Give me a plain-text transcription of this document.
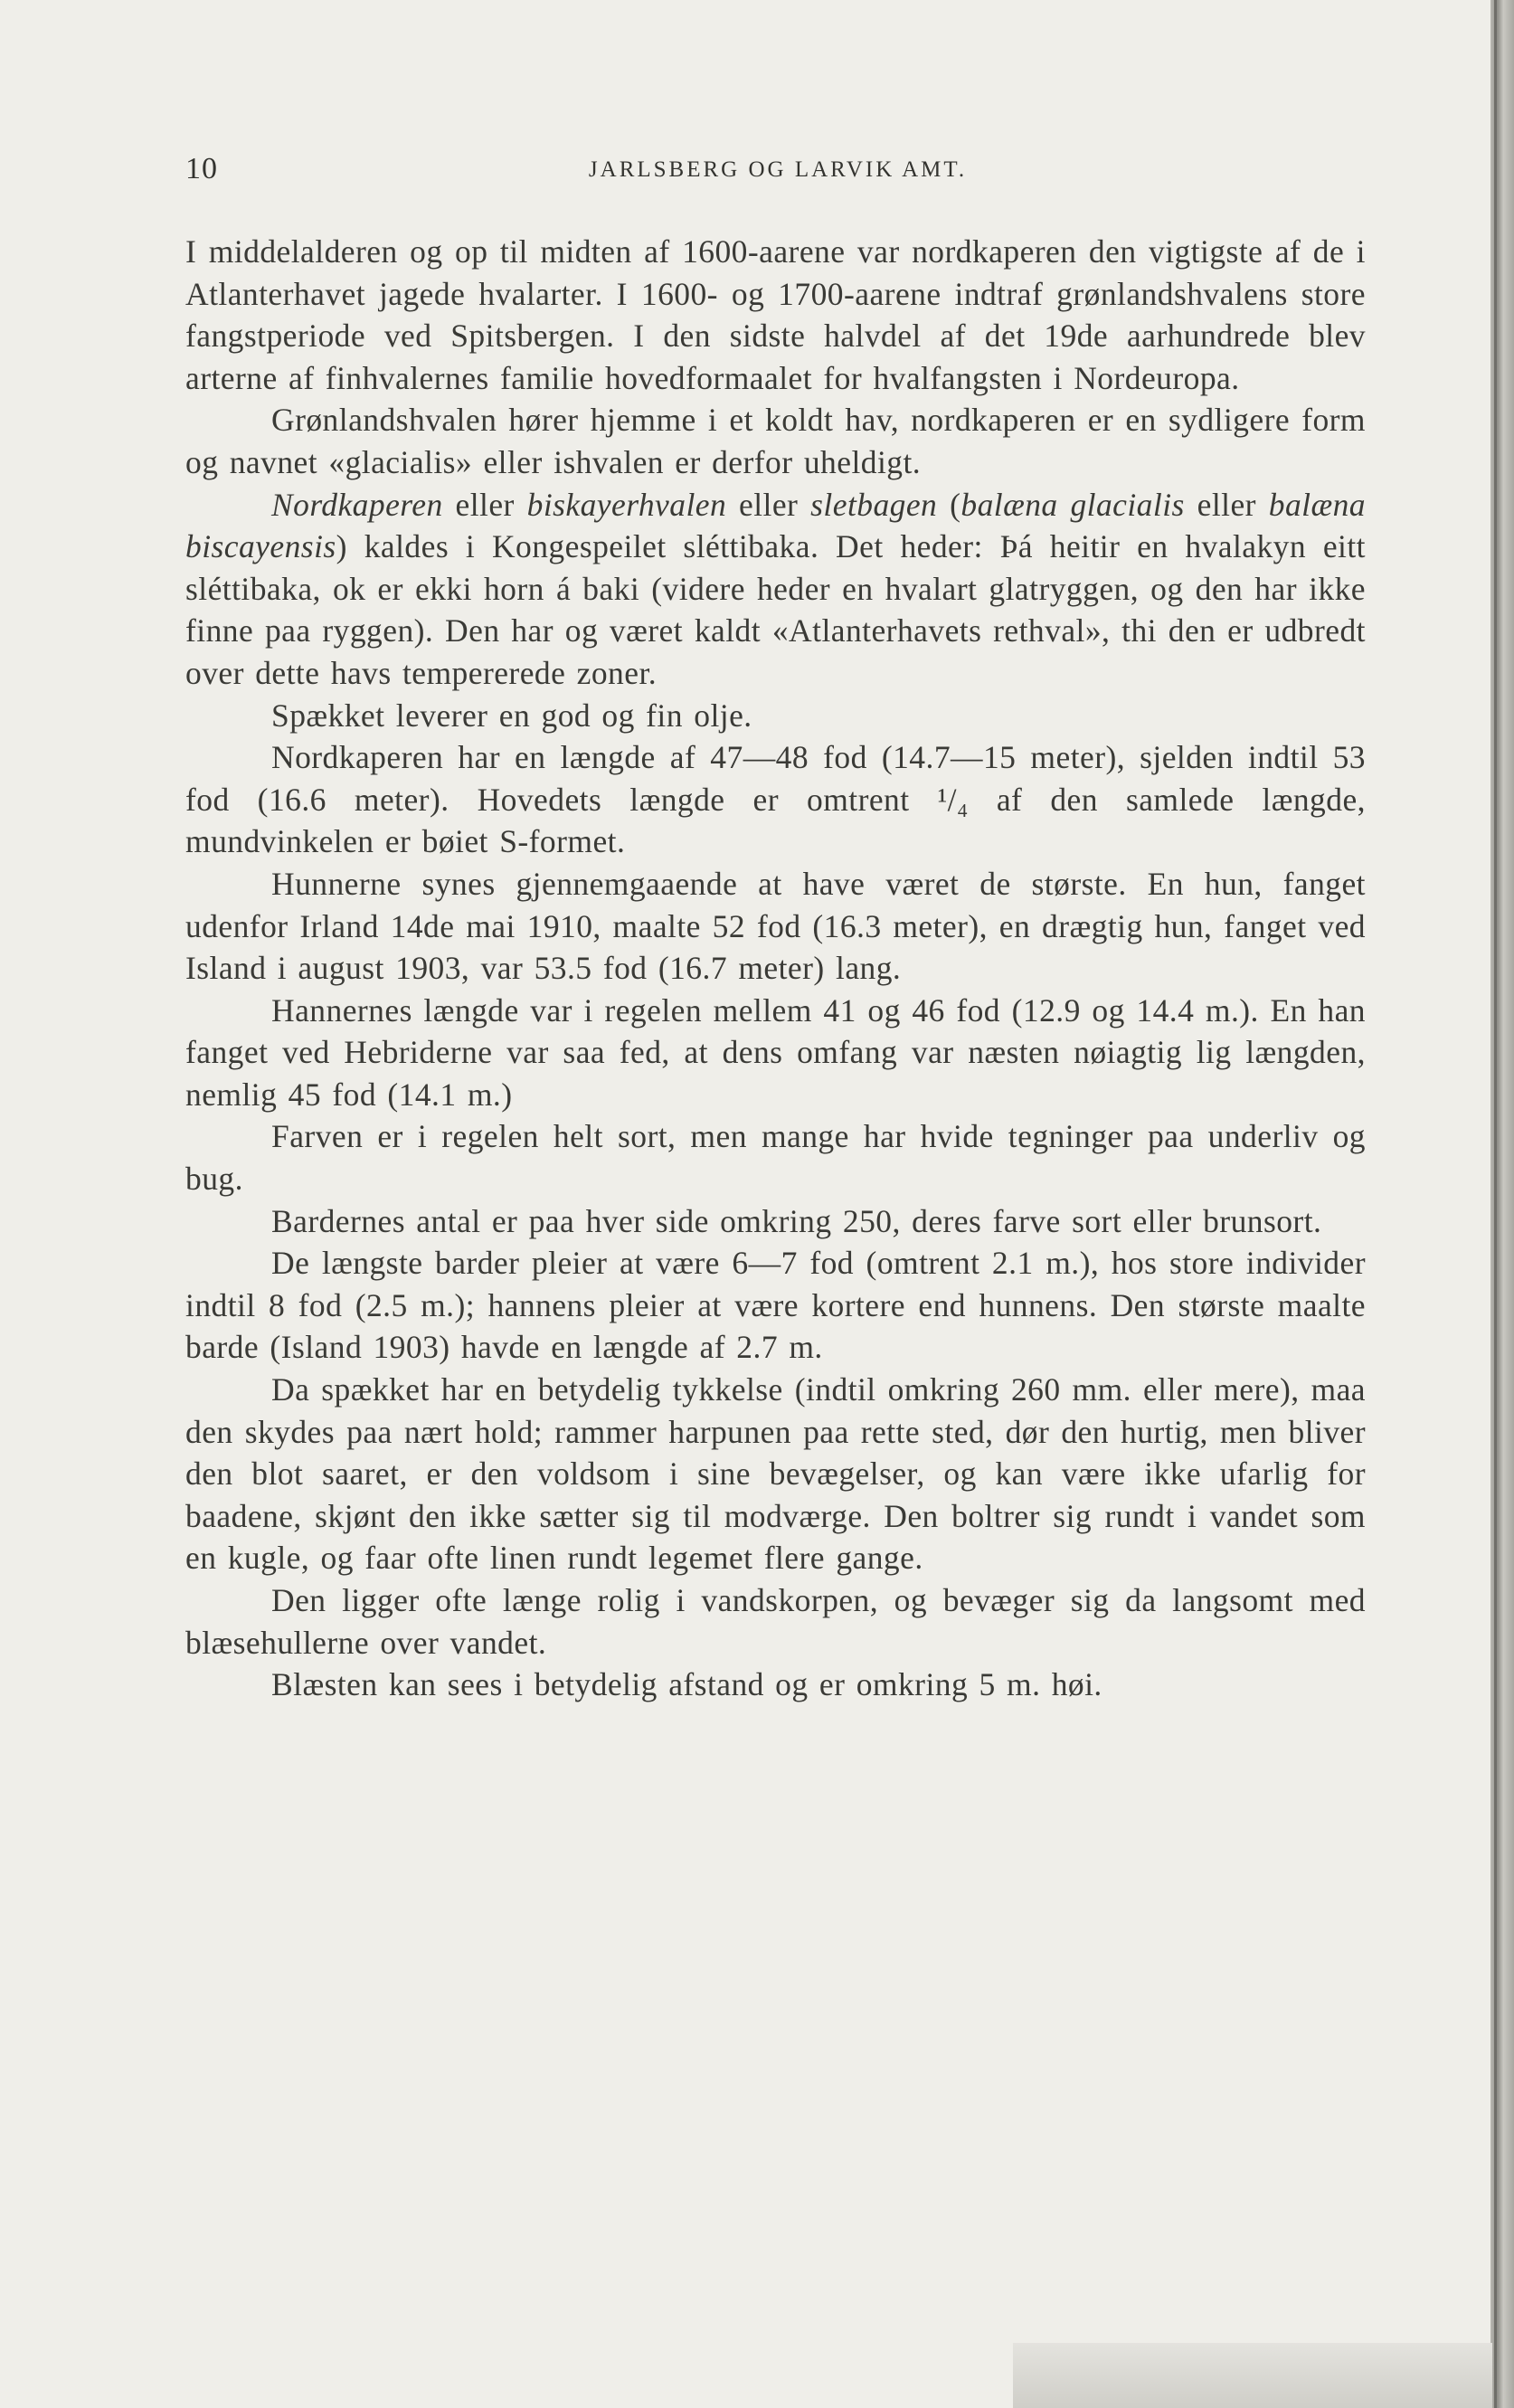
10	JARLSBERG OG LARVIK AMT.

I middelalderen og op til midten af 1600-aarene var nordkaperen den vigtigste af de i Atlanterhavet jagede hvalarter. I 1600- og 1700-aarene indtraf grønlandshvalens store fangstperiode ved Spitsbergen. I den sidste halvdel af det 19de aarhundrede blev arterne af finhvalernes familie hovedformaalet for hvalfangsten i Nordeuropa.

Grønlandshvalen hører hjemme i et koldt hav, nordkaperen er en sydligere form og navnet «glacialis» eller ishvalen er derfor uheldigt.

Nordkaperen eller biskayerhvalen eller sletbagen (balæna glacialis eller balæna biscayensis) kaldes i Kongespeilet sléttibaka. Det heder: Þá heitir en hvalakyn eitt sléttibaka, ok er ekki horn á baki (videre heder en hvalart glatryggen, og den har ikke finne paa ryggen). Den har og været kaldt «Atlanterhavets rethval», thi den er udbredt over dette havs tempererede zoner.

Spækket leverer en god og fin olje.

Nordkaperen har en længde af 47—48 fod (14.7—15 meter), sjelden indtil 53 fod (16.6 meter). Hovedets længde er omtrent ¹/₄ af den samlede længde, mundvinkelen er bøiet S-formet.

Hunnerne synes gjennemgaaende at have været de største. En hun, fanget udenfor Irland 14de mai 1910, maalte 52 fod (16.3 meter), en drægtig hun, fanget ved Island i august 1903, var 53.5 fod (16.7 meter) lang.

Hannernes længde var i regelen mellem 41 og 46 fod (12.9 og 14.4 m.). En han fanget ved Hebriderne var saa fed, at dens omfang var næsten nøiagtig lig længden, nemlig 45 fod (14.1 m.)

Farven er i regelen helt sort, men mange har hvide tegninger paa underliv og bug.

Bardernes antal er paa hver side omkring 250, deres farve sort eller brunsort.

De længste barder pleier at være 6—7 fod (omtrent 2.1 m.), hos store individer indtil 8 fod (2.5 m.); hannens pleier at være kortere end hunnens. Den største maalte barde (Island 1903) havde en længde af 2.7 m.

Da spækket har en betydelig tykkelse (indtil omkring 260 mm. eller mere), maa den skydes paa nært hold; rammer harpunen paa rette sted, dør den hurtig, men bliver den blot saaret, er den voldsom i sine bevægelser, og kan være ikke ufarlig for baadene, skjønt den ikke sætter sig til modværge. Den boltrer sig rundt i vandet som en kugle, og faar ofte linen rundt legemet flere gange.

Den ligger ofte længe rolig i vandskorpen, og bevæger sig da langsomt med blæsehullerne over vandet.

Blæsten kan sees i betydelig afstand og er omkring 5 m. høi.
